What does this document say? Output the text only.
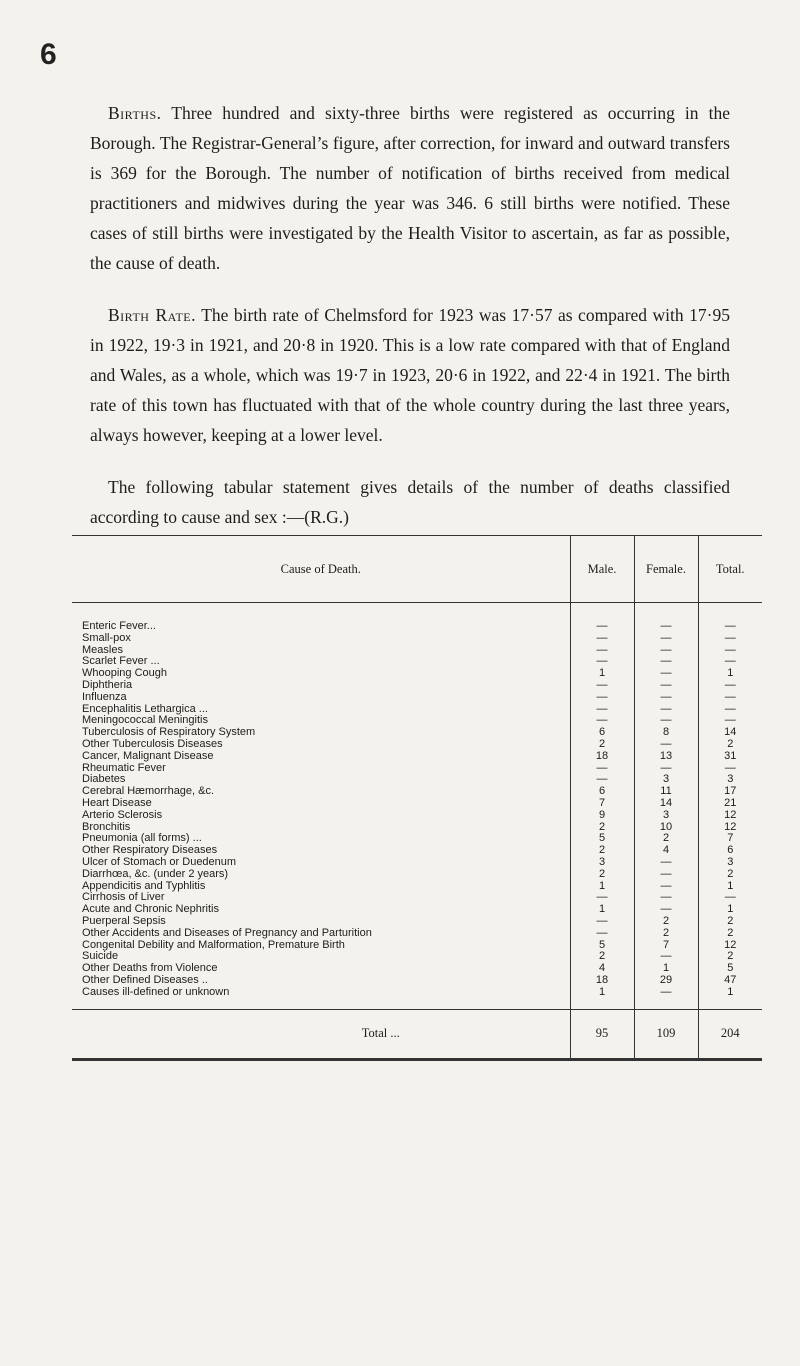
6

Births. Three hundred and sixty-three births were registered as occurring in the Borough. The Registrar-General’s figure, after correction, for inward and outward transfers is 369 for the Borough. The number of notification of births received from medical practitioners and midwives during the year was 346. 6 still births were notified. These cases of still births were investigated by the Health Visitor to ascertain, as far as possible, the cause of death.

Birth Rate. The birth rate of Chelmsford for 1923 was 17·57 as compared with 17·95 in 1922, 19·3 in 1921, and 20·8 in 1920. This is a low rate compared with that of England and Wales, as a whole, which was 19·7 in 1923, 20·6 in 1922, and 22·4 in 1921. The birth rate of this town has fluctuated with that of the whole country during the last three years, always however, keeping at a lower level.

The following tabular statement gives details of the number of deaths classified according to cause and sex :—(R.G.)

Cause of Death.	Male.	Female.	Total.
Enteric Fever...	—	—	—
Small-pox	—	—	—
Measles	—	—	—
Scarlet Fever ...	—	—	—
Whooping Cough	1	—	1
Diphtheria	—	—	—
Influenza	—	—	—
Encephalitis Lethargica ...	—	—	—
Meningococcal Meningitis	—	—	—
Tuberculosis of Respiratory System	6	8	14
Other Tuberculosis Diseases	2	—	2
Cancer, Malignant Disease	18	13	31
Rheumatic Fever	—	—	—
Diabetes	—	3	3
Cerebral Hæmorrhage, &c.	6	11	17
Heart Disease	7	14	21
Arterio Sclerosis	9	3	12
Bronchitis	2	10	12
Pneumonia (all forms) ...	5	2	7
Other Respiratory Diseases	2	4	6
Ulcer of Stomach or Duedenum	3	—	3
Diarrhœa, &c. (under 2 years)	2	—	2
Appendicitis and Typhlitis	1	—	1
Cirrhosis of Liver	—	—	—
Acute and Chronic Nephritis	1	—	1
Puerperal Sepsis	—	2	2
Other Accidents and Diseases of Pregnancy and Parturition	—	2	2
Congenital Debility and Malformation, Premature Birth	5	7	12
Suicide	2	—	2
Other Deaths from Violence	4	1	5
Other Defined Diseases ..	18	29	47
Causes ill-defined or unknown	1	—	1
Total ...	95	109	204
